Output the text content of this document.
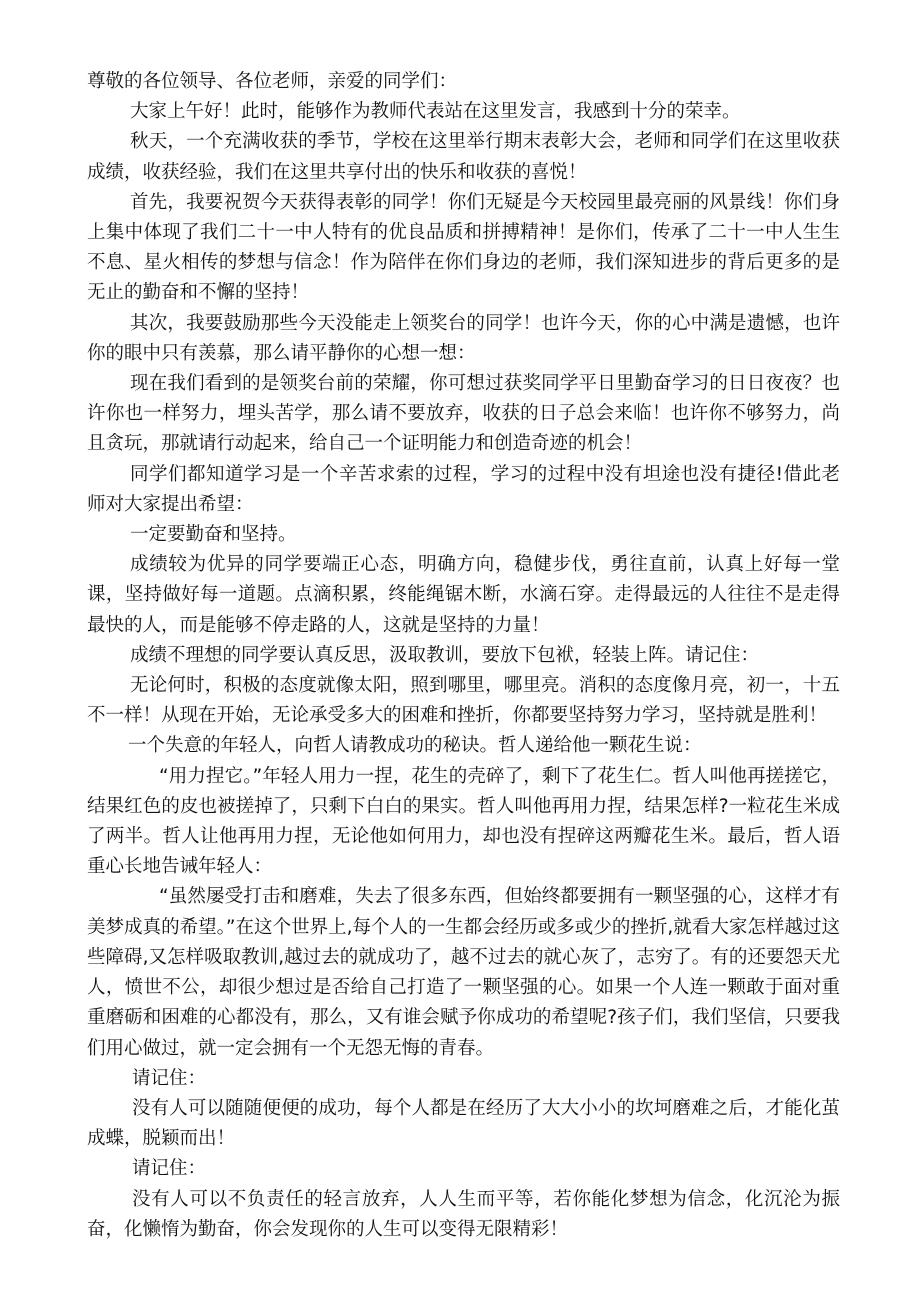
尊敬的各位领导、各位老师，亲爱的同学们：

大家上午好！此时，能够作为教师代表站在这里发言，我感到十分的荣幸。

秋天，一个充满收获的季节，学校在这里举行期末表彰大会，老师和同学们在这里收获成绩，收获经验，我们在这里共享付出的快乐和收获的喜悦！

首先，我要祝贺今天获得表彰的同学！你们无疑是今天校园里最亮丽的风景线！你们身上集中体现了我们二十一中人特有的优良品质和拼搏精神！是你们，传承了二十一中人生生不息、星火相传的梦想与信念！作为陪伴在你们身边的老师，我们深知进步的背后更多的是无止的勤奋和不懈的坚持！

其次，我要鼓励那些今天没能走上领奖台的同学！也许今天，你的心中满是遗憾，也许你的眼中只有羡慕，那么请平静你的心想一想：

现在我们看到的是领奖台前的荣耀，你可想过获奖同学平日里勤奋学习的日日夜夜？也许你也一样努力，埋头苦学，那么请不要放弃，收获的日子总会来临！也许你不够努力，尚且贪玩，那就请行动起来，给自己一个证明能力和创造奇迹的机会！

同学们都知道学习是一个辛苦求索的过程，学习的过程中没有坦途也没有捷径!借此老师对大家提出希望：

一定要勤奋和坚持。

成绩较为优异的同学要端正心态，明确方向，稳健步伐，勇往直前，认真上好每一堂课，坚持做好每一道题。点滴积累，终能绳锯木断，水滴石穿。走得最远的人往往不是走得最快的人，而是能够不停走路的人，这就是坚持的力量！

成绩不理想的同学要认真反思，汲取教训，要放下包袱，轻装上阵。请记住：

无论何时，积极的态度就像太阳，照到哪里，哪里亮。消积的态度像月亮，初一，十五不一样！从现在开始，无论承受多大的困难和挫折，你都要坚持努力学习，坚持就是胜利！

一个失意的年轻人，向哲人请教成功的秘诀。哲人递给他一颗花生说：

“用力捏它。”年轻人用力一捏，花生的壳碎了，剩下了花生仁。哲人叫他再搓搓它，结果红色的皮也被搓掉了，只剩下白白的果实。哲人叫他再用力捏，结果怎样?一粒花生米成了两半。哲人让他再用力捏，无论他如何用力，却也没有捏碎这两瓣花生米。最后，哲人语重心长地告诫年轻人：

“虽然屡受打击和磨难，失去了很多东西，但始终都要拥有一颗坚强的心，这样才有美梦成真的希望。”在这个世界上,每个人的一生都会经历或多或少的挫折,就看大家怎样越过这些障碍,又怎样吸取教训,越过去的就成功了，越不过去的就心灰了，志穷了。有的还要怨天尤人，愤世不公，却很少想过是否给自己打造了一颗坚强的心。如果一个人连一颗敢于面对重重磨砺和困难的心都没有，那么，又有谁会赋予你成功的希望呢?孩子们，我们坚信，只要我们用心做过，就一定会拥有一个无怨无悔的青春。

请记住：

没有人可以随随便便的成功，每个人都是在经历了大大小小的坎坷磨难之后，才能化茧成蝶，脱颖而出！

请记住：

没有人可以不负责任的轻言放弃，人人生而平等，若你能化梦想为信念，化沉沦为振奋，化懒惰为勤奋，你会发现你的人生可以变得无限精彩！
